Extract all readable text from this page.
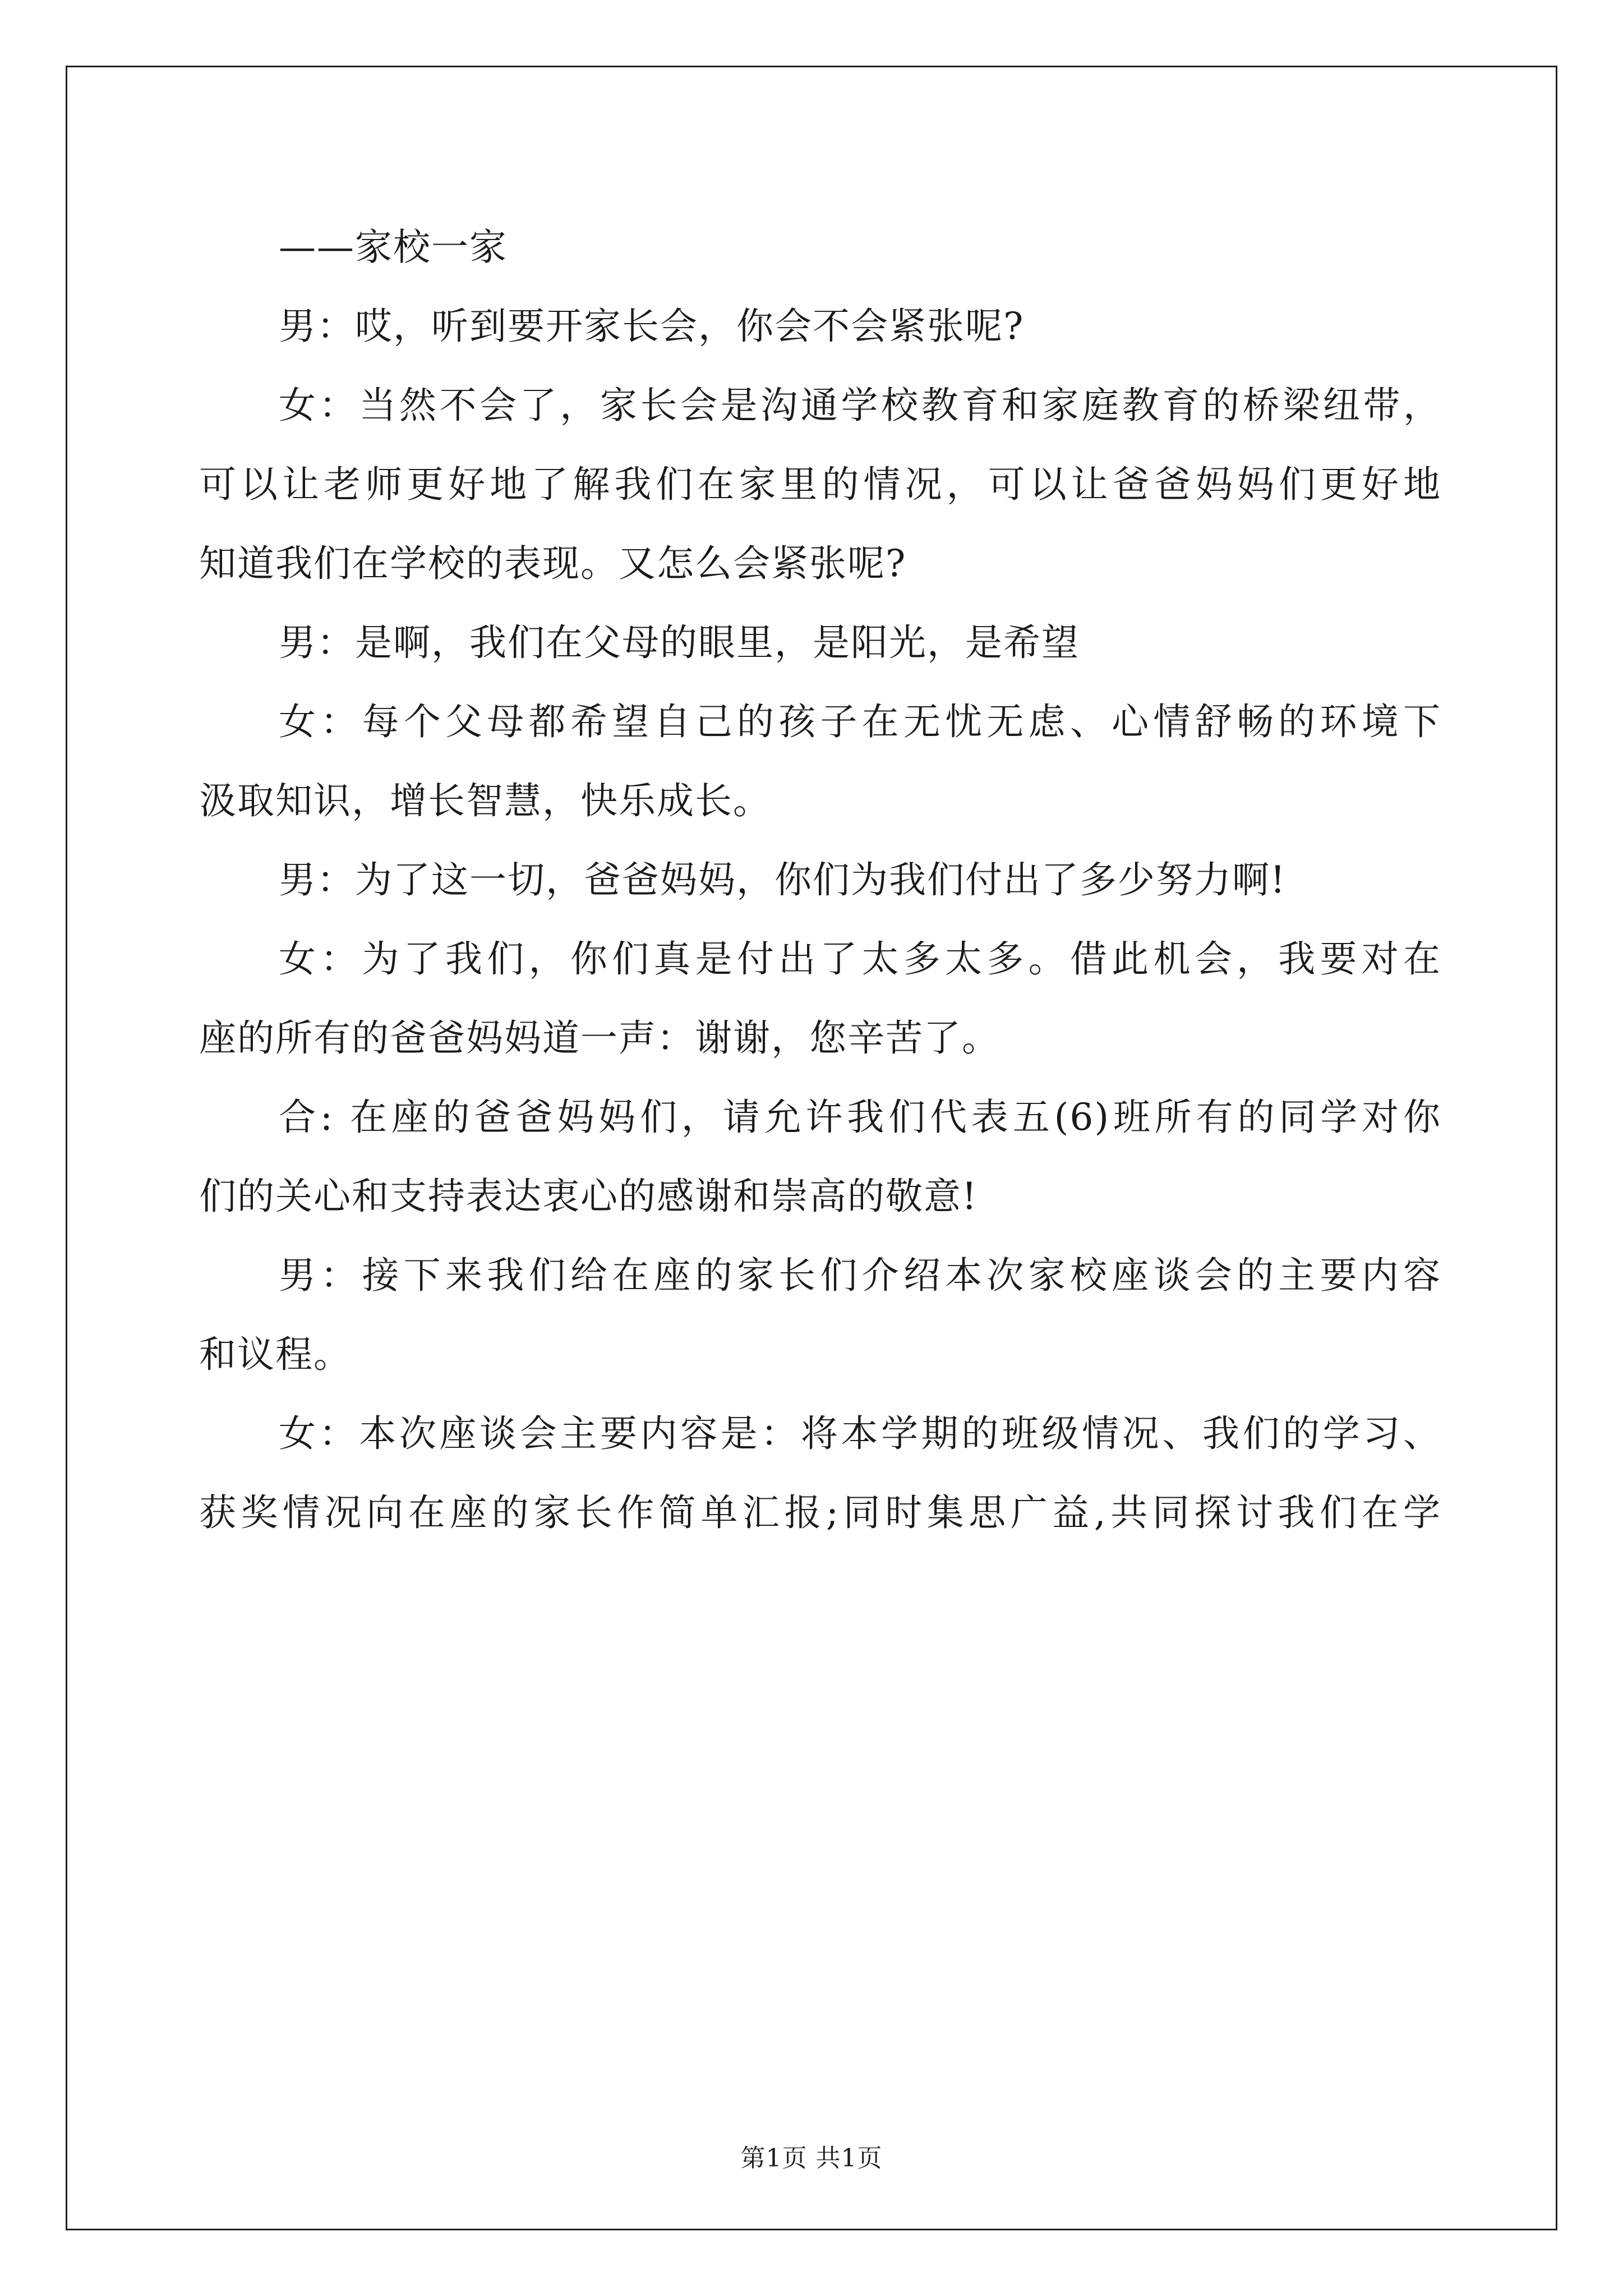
——家校一家
男：哎，听到要开家长会，你会不会紧张呢?
女：当然不会了，家长会是沟通学校教育和家庭教育的桥梁纽带，
可以让老师更好地了解我们在家里的情况，可以让爸爸妈妈们更好地
知道我们在学校的表现。又怎么会紧张呢?
男：是啊，我们在父母的眼里，是阳光，是希望
女：每个父母都希望自己的孩子在无忧无虑、心情舒畅的环境下
汲取知识，增长智慧，快乐成长。
男：为了这一切，爸爸妈妈，你们为我们付出了多少努力啊!
女：为了我们，你们真是付出了太多太多。借此机会，我要对在
座的所有的爸爸妈妈道一声：谢谢，您辛苦了。
合: 在座的爸爸妈妈们，请允许我们代表五(6)班所有的同学对你
们的关心和支持表达衷心的感谢和崇高的敬意!
男：接下来我们给在座的家长们介绍本次家校座谈会的主要内容
和议程。
女：本次座谈会主要内容是：将本学期的班级情况、我们的学习、
获奖情况向在座的家长作简单汇报;同时集思广益,共同探讨我们在学
第1页 共1页
